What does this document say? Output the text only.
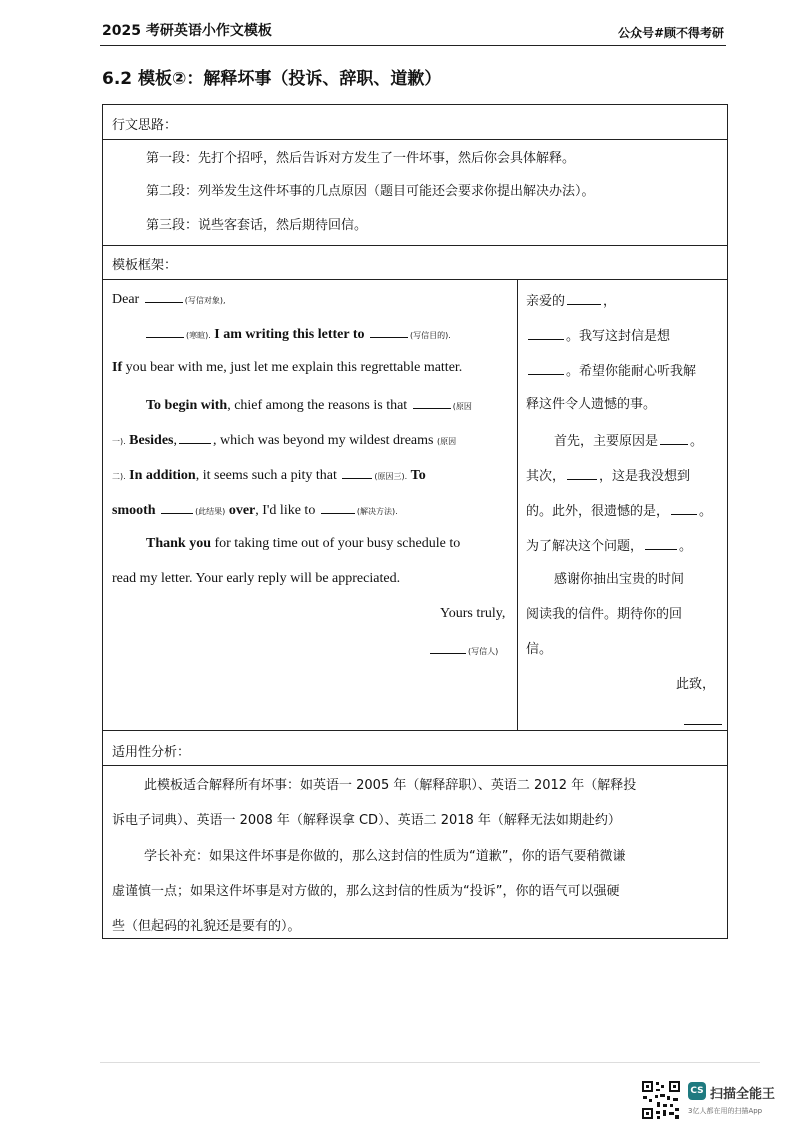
2025 考研英语小作文模板	公众号#顾不得考研
6.2 模板②：解释坏事（投诉、辞职、道歉）
行文思路：
第一段：先打个招呼，然后告诉对方发生了一件坏事，然后你会具体解释。
第二段：列举发生这件坏事的几点原因（题目可能还会要求你提出解决办法）。
第三段：说些客套话，然后期待回信。
模板框架：
Dear	(写信对象),
(寒暄). I am writing this letter to	(写信目的).
If you bear with me, just let me explain this regrettable matter.
To begin with, chief among the reasons is that	(原因
一). Besides,	, which was beyond my wildest dreams (原因
二). In addition, it seems such a pity that	(原因三). To
smooth	(此结果) over, I'd like to	(解决方法).
Thank you for taking time out of your busy schedule to
read my letter. Your early reply will be appreciated.
Yours truly,
(写信人)
亲爱的	，
。我写这封信是想
。希望你能耐心听我解
释这件令人遗憾的事。
首先，主要原因是 。
其次，	，这是我没想到
的。此外，很遗憾的是， 。
为了解决这个问题，	。
感谢你抽出宝贵的时间
阅读我的信件。期待你的回
信。
此致，
适用性分析：
此模板适合解释所有坏事：如英语一 2005 年（解释辞职）、英语二 2012 年（解释投
诉电子词典）、英语一 2008 年（解释误拿 CD）、英语二 2018 年（解释无法如期赴约）
学长补充：如果这件坏事是你做的，那么这封信的性质为“道歉”，你的语气要稍微谦
虚谨慎一点；如果这件坏事是对方做的，那么这封信的性质为“投诉”，你的语气可以强硬
些（但起码的礼貌还是要有的）。
CS 扫描全能王
3亿人都在用的扫描App
